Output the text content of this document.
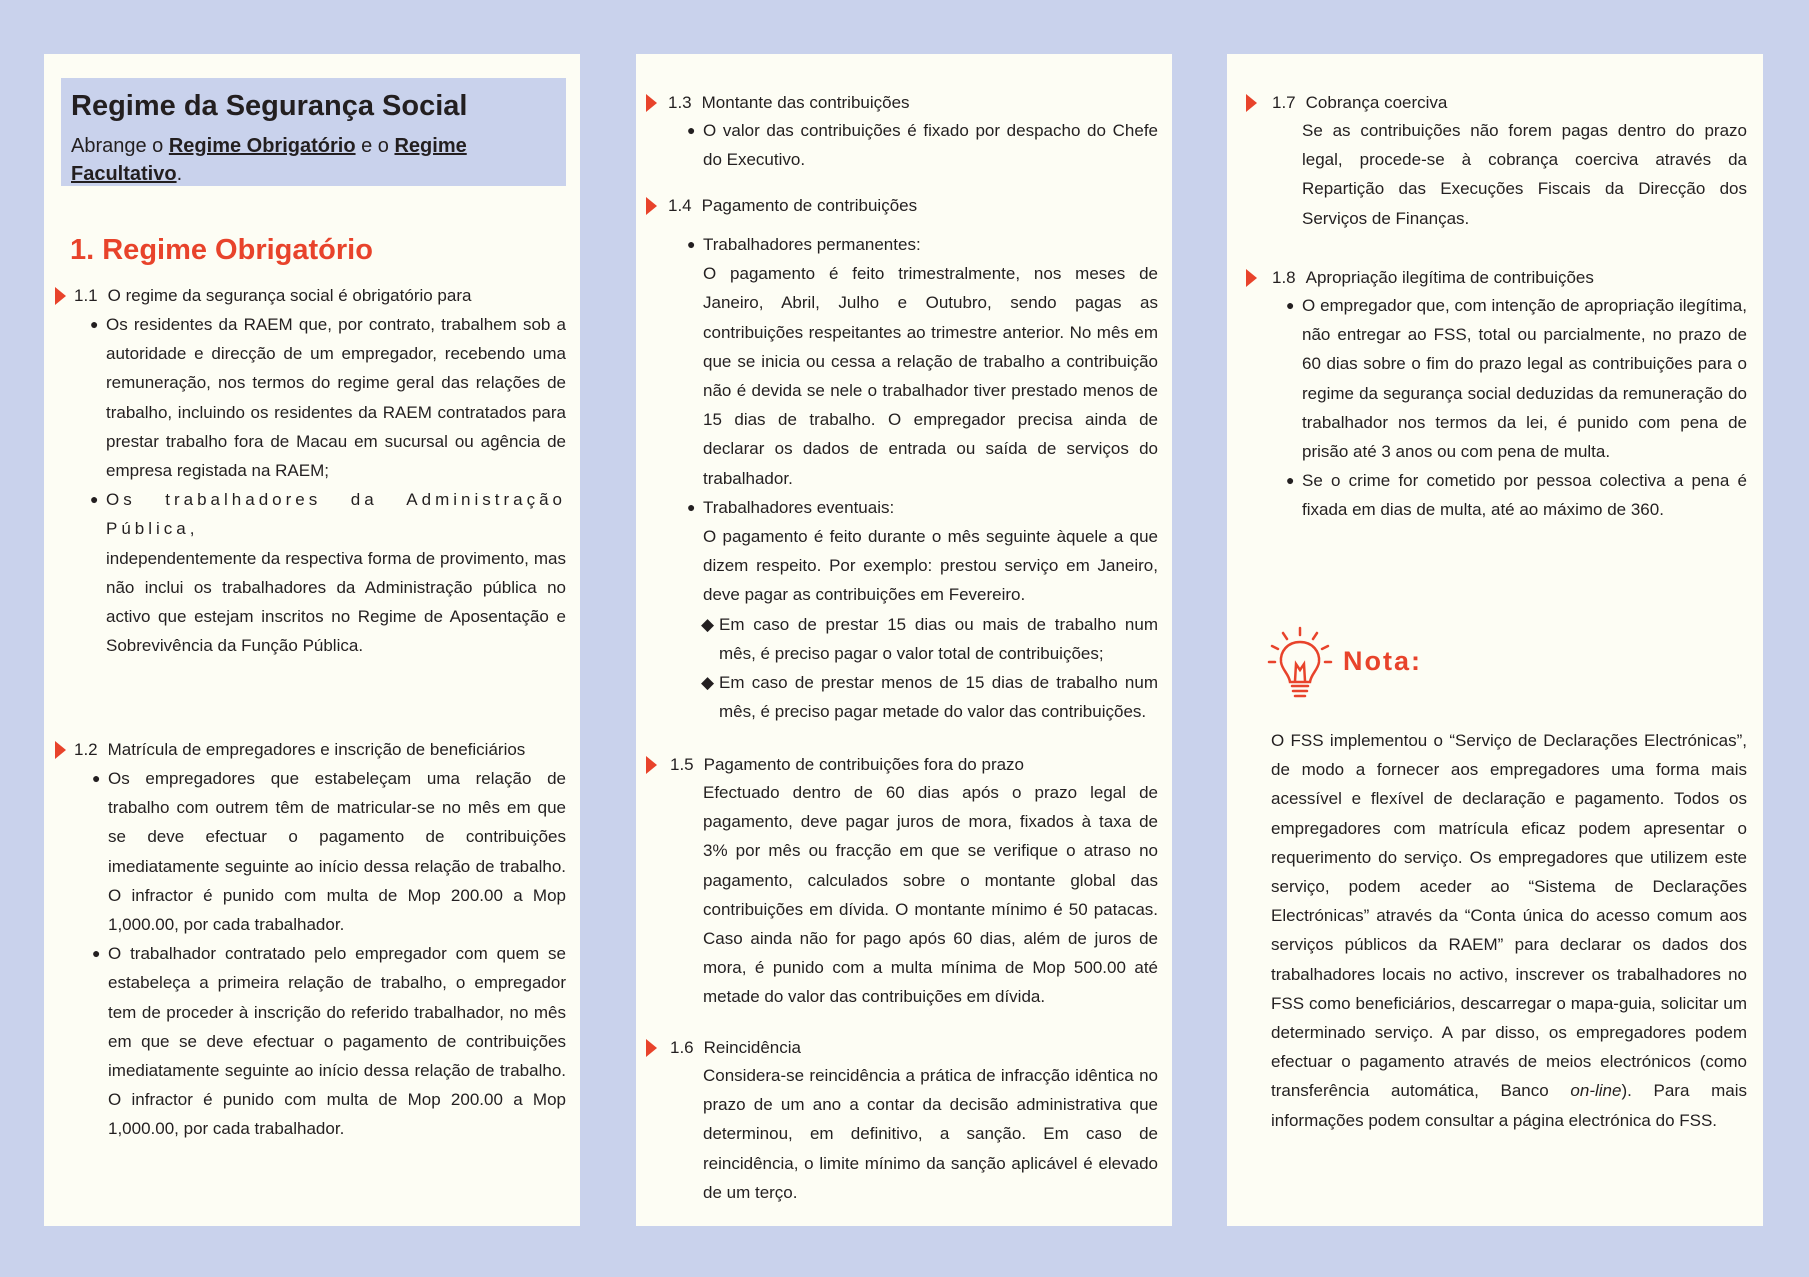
Regime da Segurança Social
Abrange o Regime Obrigatório e o Regime Facultativo.
1. Regime Obrigatório
1.1 O regime da segurança social é obrigatório para
● Os residentes da RAEM que, por contrato, trabalhem sob a autoridade e direcção de um empregador, recebendo uma remuneração, nos termos do regime geral das relações de trabalho, incluindo os residentes da RAEM contratados para prestar trabalho fora de Macau em sucursal ou agência de empresa registada na RAEM;
● Os trabalhadores da Administração Pública,
independentemente da respectiva forma de provimento, mas não inclui os trabalhadores da Administração pública no activo que estejam inscritos no Regime de Aposentação e Sobrevivência da Função Pública.
1.2 Matrícula de empregadores e inscrição de beneficiários
● Os empregadores que estabeleçam uma relação de trabalho com outrem têm de matricular-se no mês em que se deve efectuar o pagamento de contribuições imediatamente seguinte ao início dessa relação de trabalho. O infractor é punido com multa de Mop 200.00 a Mop 1,000.00, por cada trabalhador.
● O trabalhador contratado pelo empregador com quem se estabeleça a primeira relação de trabalho, o empregador tem de proceder à inscrição do referido trabalhador, no mês em que se deve efectuar o pagamento de contribuições imediatamente seguinte ao início dessa relação de trabalho. O infractor é punido com multa de Mop 200.00 a Mop 1,000.00, por cada trabalhador.
1.3 Montante das contribuições
● O valor das contribuições é fixado por despacho do Chefe do Executivo.
1.4 Pagamento de contribuições
● Trabalhadores permanentes:
O pagamento é feito trimestralmente, nos meses de Janeiro, Abril, Julho e Outubro, sendo pagas as contribuições respeitantes ao trimestre anterior. No mês em que se inicia ou cessa a relação de trabalho a contribuição não é devida se nele o trabalhador tiver prestado menos de 15 dias de trabalho. O empregador precisa ainda de declarar os dados de entrada ou saída de serviços do trabalhador.
● Trabalhadores eventuais:
O pagamento é feito durante o mês seguinte àquele a que dizem respeito. Por exemplo: prestou serviço em Janeiro, deve pagar as contribuições em Fevereiro.
◆ Em caso de prestar 15 dias ou mais de trabalho num mês, é preciso pagar o valor total de contribuições;
◆ Em caso de prestar menos de 15 dias de trabalho num mês, é preciso pagar metade do valor das contribuições.
1.5 Pagamento de contribuições fora do prazo
Efectuado dentro de 60 dias após o prazo legal de pagamento, deve pagar juros de mora, fixados à taxa de 3% por mês ou fracção em que se verifique o atraso no pagamento, calculados sobre o montante global das contribuições em dívida. O montante mínimo é 50 patacas. Caso ainda não for pago após 60 dias, além de juros de mora, é punido com a multa mínima de Mop 500.00 até metade do valor das contribuições em dívida.
1.6 Reincidência
Considera-se reincidência a prática de infracção idêntica no prazo de um ano a contar da decisão administrativa que determinou, em definitivo, a sanção. Em caso de reincidência, o limite mínimo da sanção aplicável é elevado de um terço.
1.7 Cobrança coerciva
Se as contribuições não forem pagas dentro do prazo legal, procede-se à cobrança coerciva através da Repartição das Execuções Fiscais da Direcção dos Serviços de Finanças.
1.8 Apropriação ilegítima de contribuições
● O empregador que, com intenção de apropriação ilegítima, não entregar ao FSS, total ou parcialmente, no prazo de 60 dias sobre o fim do prazo legal as contribuições para o regime da segurança social deduzidas da remuneração do trabalhador nos termos da lei, é punido com pena de prisão até 3 anos ou com pena de multa.
● Se o crime for cometido por pessoa colectiva a pena é fixada em dias de multa, até ao máximo de 360.
Nota:
O FSS implementou o “Serviço de Declarações Electrónicas”, de modo a fornecer aos empregadores uma forma mais acessível e flexível de declaração e pagamento. Todos os empregadores com matrícula eficaz podem apresentar o requerimento do serviço. Os empregadores que utilizem este serviço, podem aceder ao “Sistema de Declarações Electrónicas” através da “Conta única do acesso comum aos serviços públicos da RAEM” para declarar os dados dos trabalhadores locais no activo, inscrever os trabalhadores no FSS como beneficiários, descarregar o mapa-guia, solicitar um determinado serviço. A par disso, os empregadores podem efectuar o pagamento através de meios electrónicos (como transferência automática, Banco on-line). Para mais informações podem consultar a página electrónica do FSS.
